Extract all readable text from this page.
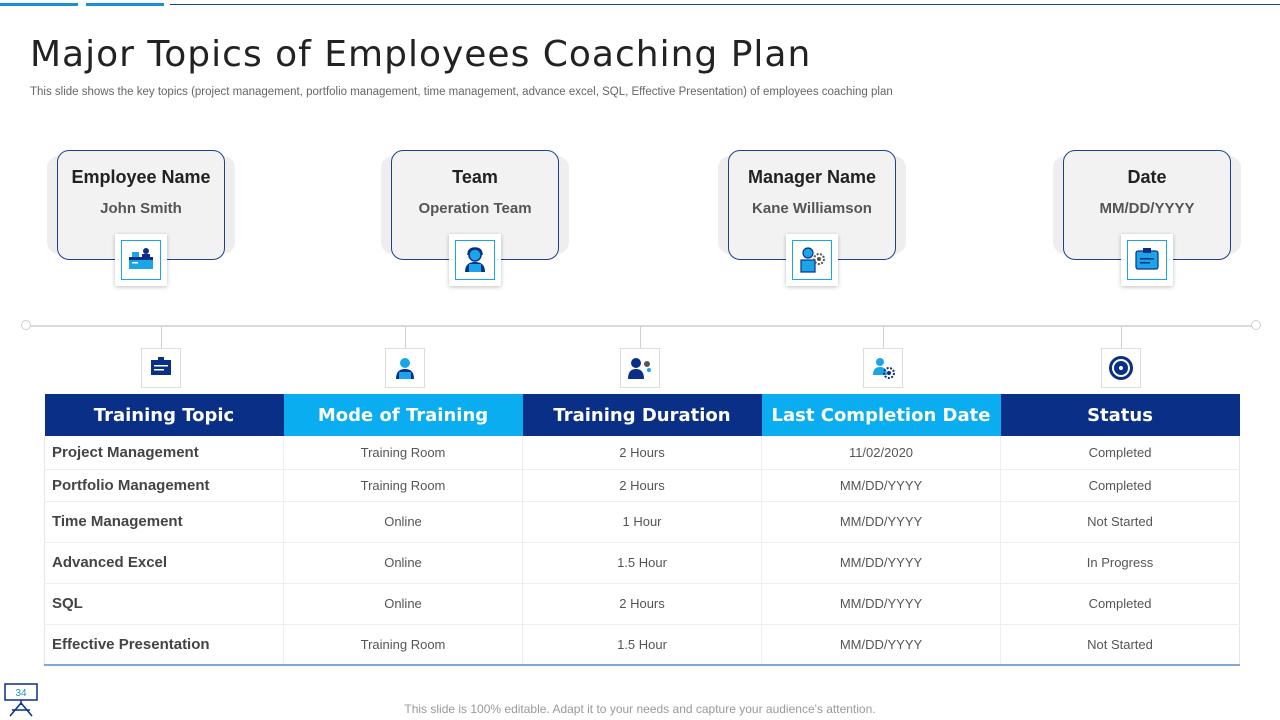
Major Topics of Employees Coaching Plan

This slide shows the key topics (project management, portfolio management, time management, advance excel, SQL, Effective Presentation) of employees coaching plan

Employee Name
John Smith
Team
Operation Team
Manager Name
Kane Williamson
Date
MM/DD/YYYY
Training Topic	Mode of Training	Training Duration	Last Completion Date	Status
Project Management	Training Room	2 Hours	11/02/2020	Completed
Portfolio Management	Training Room	2 Hours	MM/DD/YYYY	Completed
Time Management	Online	1 Hour	MM/DD/YYYY	Not Started
Advanced Excel	Online	1.5 Hour	MM/DD/YYYY	In Progress
SQL	Online	2 Hours	MM/DD/YYYY	Completed
Effective Presentation	Training Room	1.5 Hour	MM/DD/YYYY	Not Started
34
This slide is 100% editable. Adapt it to your needs and capture your audience's attention.
